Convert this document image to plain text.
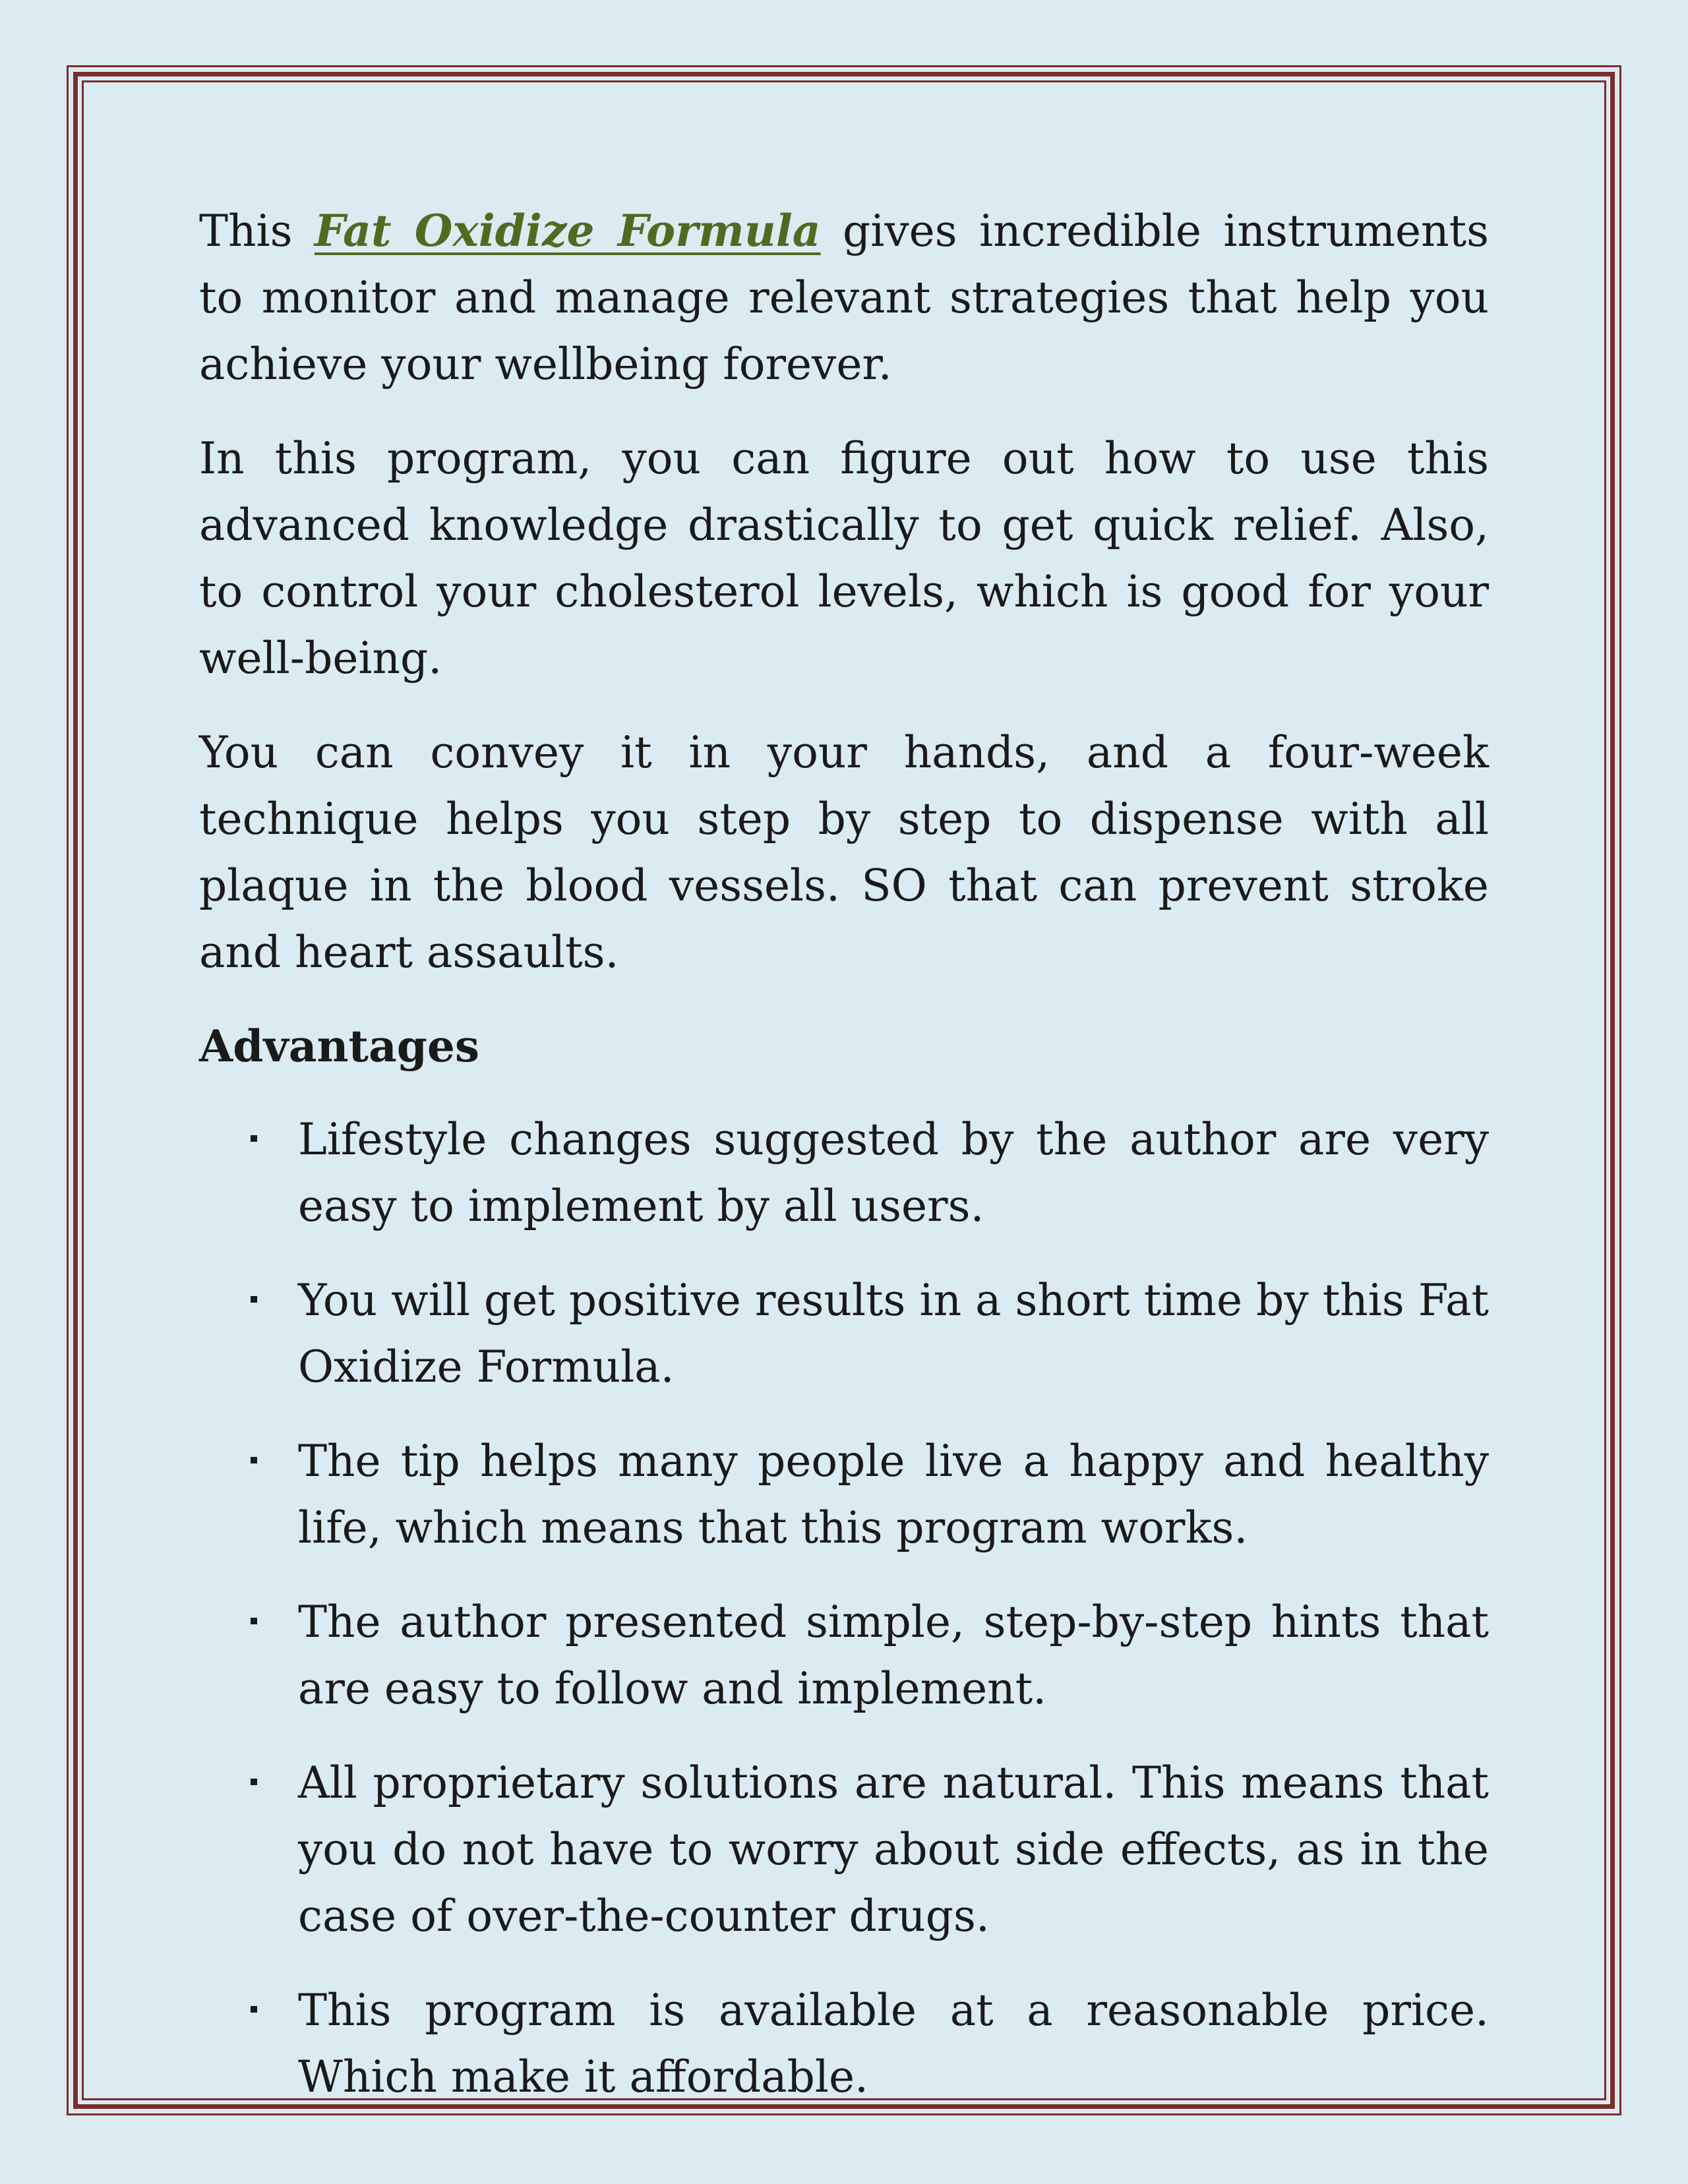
This Fat Oxidize Formula gives incredible instruments to monitor and manage relevant strategies that help you achieve your wellbeing forever.

In this program, you can figure out how to use this advanced knowledge drastically to get quick relief. Also, to control your cholesterol levels, which is good for your well-being.

You can convey it in your hands, and a four-week technique helps you step by step to dispense with all plaque in the blood vessels. SO that can prevent stroke and heart assaults.

Advantages
Lifestyle changes suggested by the author are very easy to implement by all users.
You will get positive results in a short time by this Fat Oxidize Formula.
The tip helps many people live a happy and healthy life, which means that this program works.
The author presented simple, step-by-step hints that are easy to follow and implement.
All proprietary solutions are natural. This means that you do not have to worry about side effects, as in the case of over-the-counter drugs.
This program is available at a reasonable price. Which make it affordable.
